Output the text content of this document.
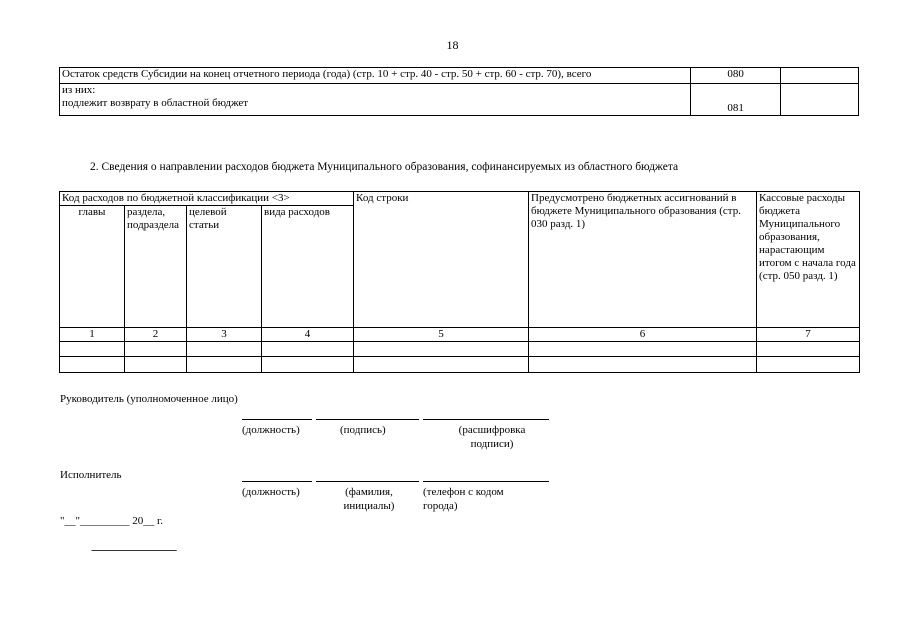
18
Остаток средств Субсидии на конец отчетного периода (года) (стр. 10 + стр. 40 - стр. 50 + стр. 60 - стр. 70), всего	080	

из них:
подлежит возврату в областной бюджет	081	
2. Сведения о направлении расходов бюджета Муниципального образования, софинансируемых из областного бюджета
Код расходов по бюджетной классификации <3>				Код строки	Предусмотрено бюджетных ассигнований в бюджете Муниципального образования (стр. 030 разд. 1)	Кассовые расходы бюджета Муниципального образования, нарастающим итогом с начала года (стр. 050 разд. 1)
главы	раздела, подраздела	целевой статьи	вида расходов			
1	2	3	4	5	6	7

Руководитель (уполномоченное лицо)
(должность)	(подпись)	(расшифровка подписи)
Исполнитель
(должность)	(фамилия, инициалы)
(телефон с кодом города)
"__"_________ 20__ г.
--------------------------------
